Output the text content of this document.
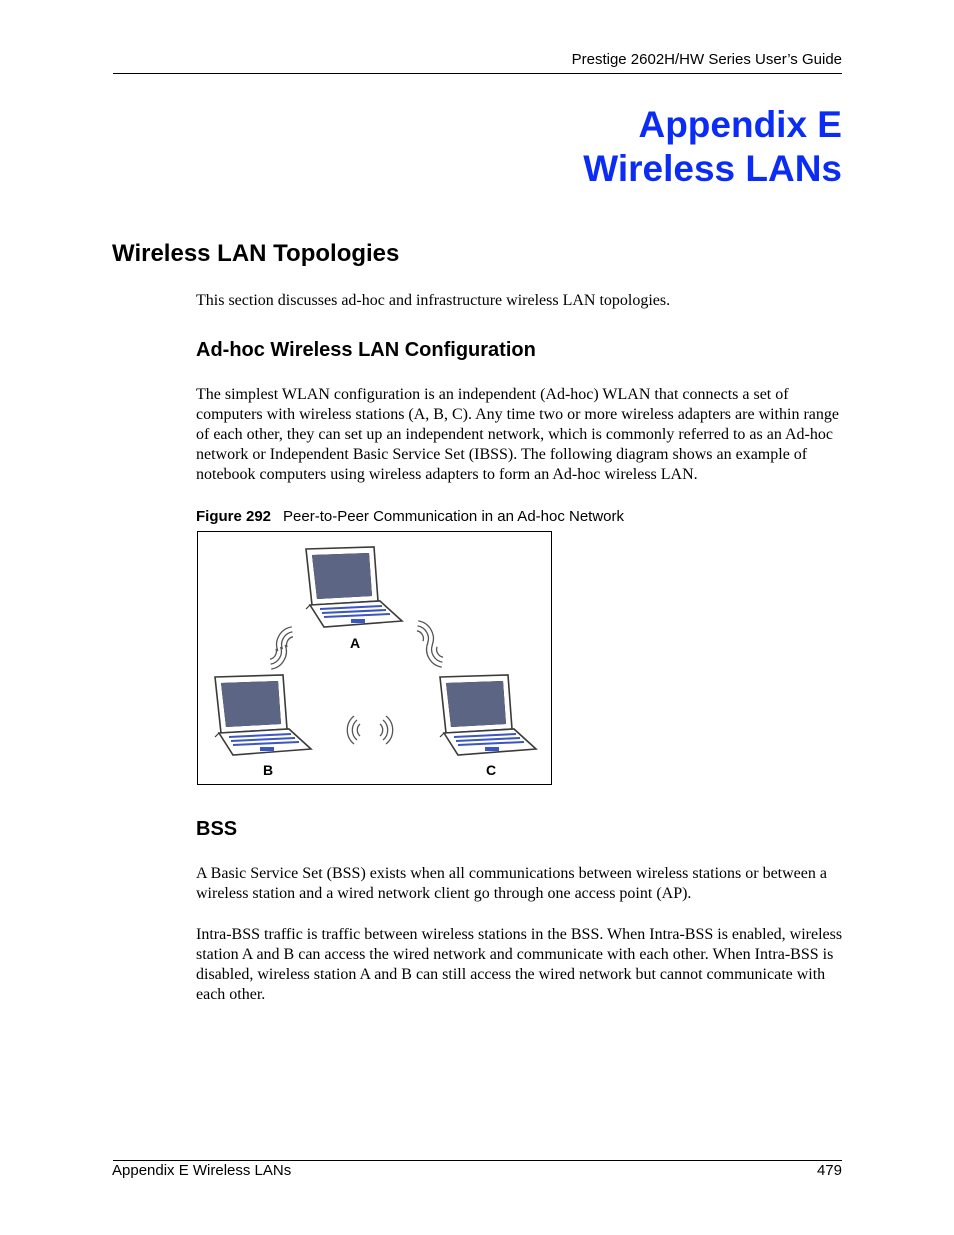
Prestige 2602H/HW Series User’s Guide
Appendix E
Wireless LANs
Wireless LAN Topologies
This section discusses ad-hoc and infrastructure wireless LAN topologies.
Ad-hoc Wireless LAN Configuration
The simplest WLAN configuration is an independent (Ad-hoc) WLAN that connects a set of computers with wireless stations (A, B, C). Any time two or more wireless adapters are within range of each other, they can set up an independent network, which is commonly referred to as an Ad-hoc network or Independent Basic Service Set (IBSS). The following diagram shows an example of notebook computers using wireless adapters to form an Ad-hoc wireless LAN.
Figure 292 Peer-to-Peer Communication in an Ad-hoc Network
A
B	C
BSS
A Basic Service Set (BSS) exists when all communications between wireless stations or between a wireless station and a wired network client go through one access point (AP).
Intra-BSS traffic is traffic between wireless stations in the BSS. When Intra-BSS is enabled, wireless station A and B can access the wired network and communicate with each other. When Intra-BSS is disabled, wireless station A and B can still access the wired network but cannot communicate with each other.
Appendix E Wireless LANs	479
